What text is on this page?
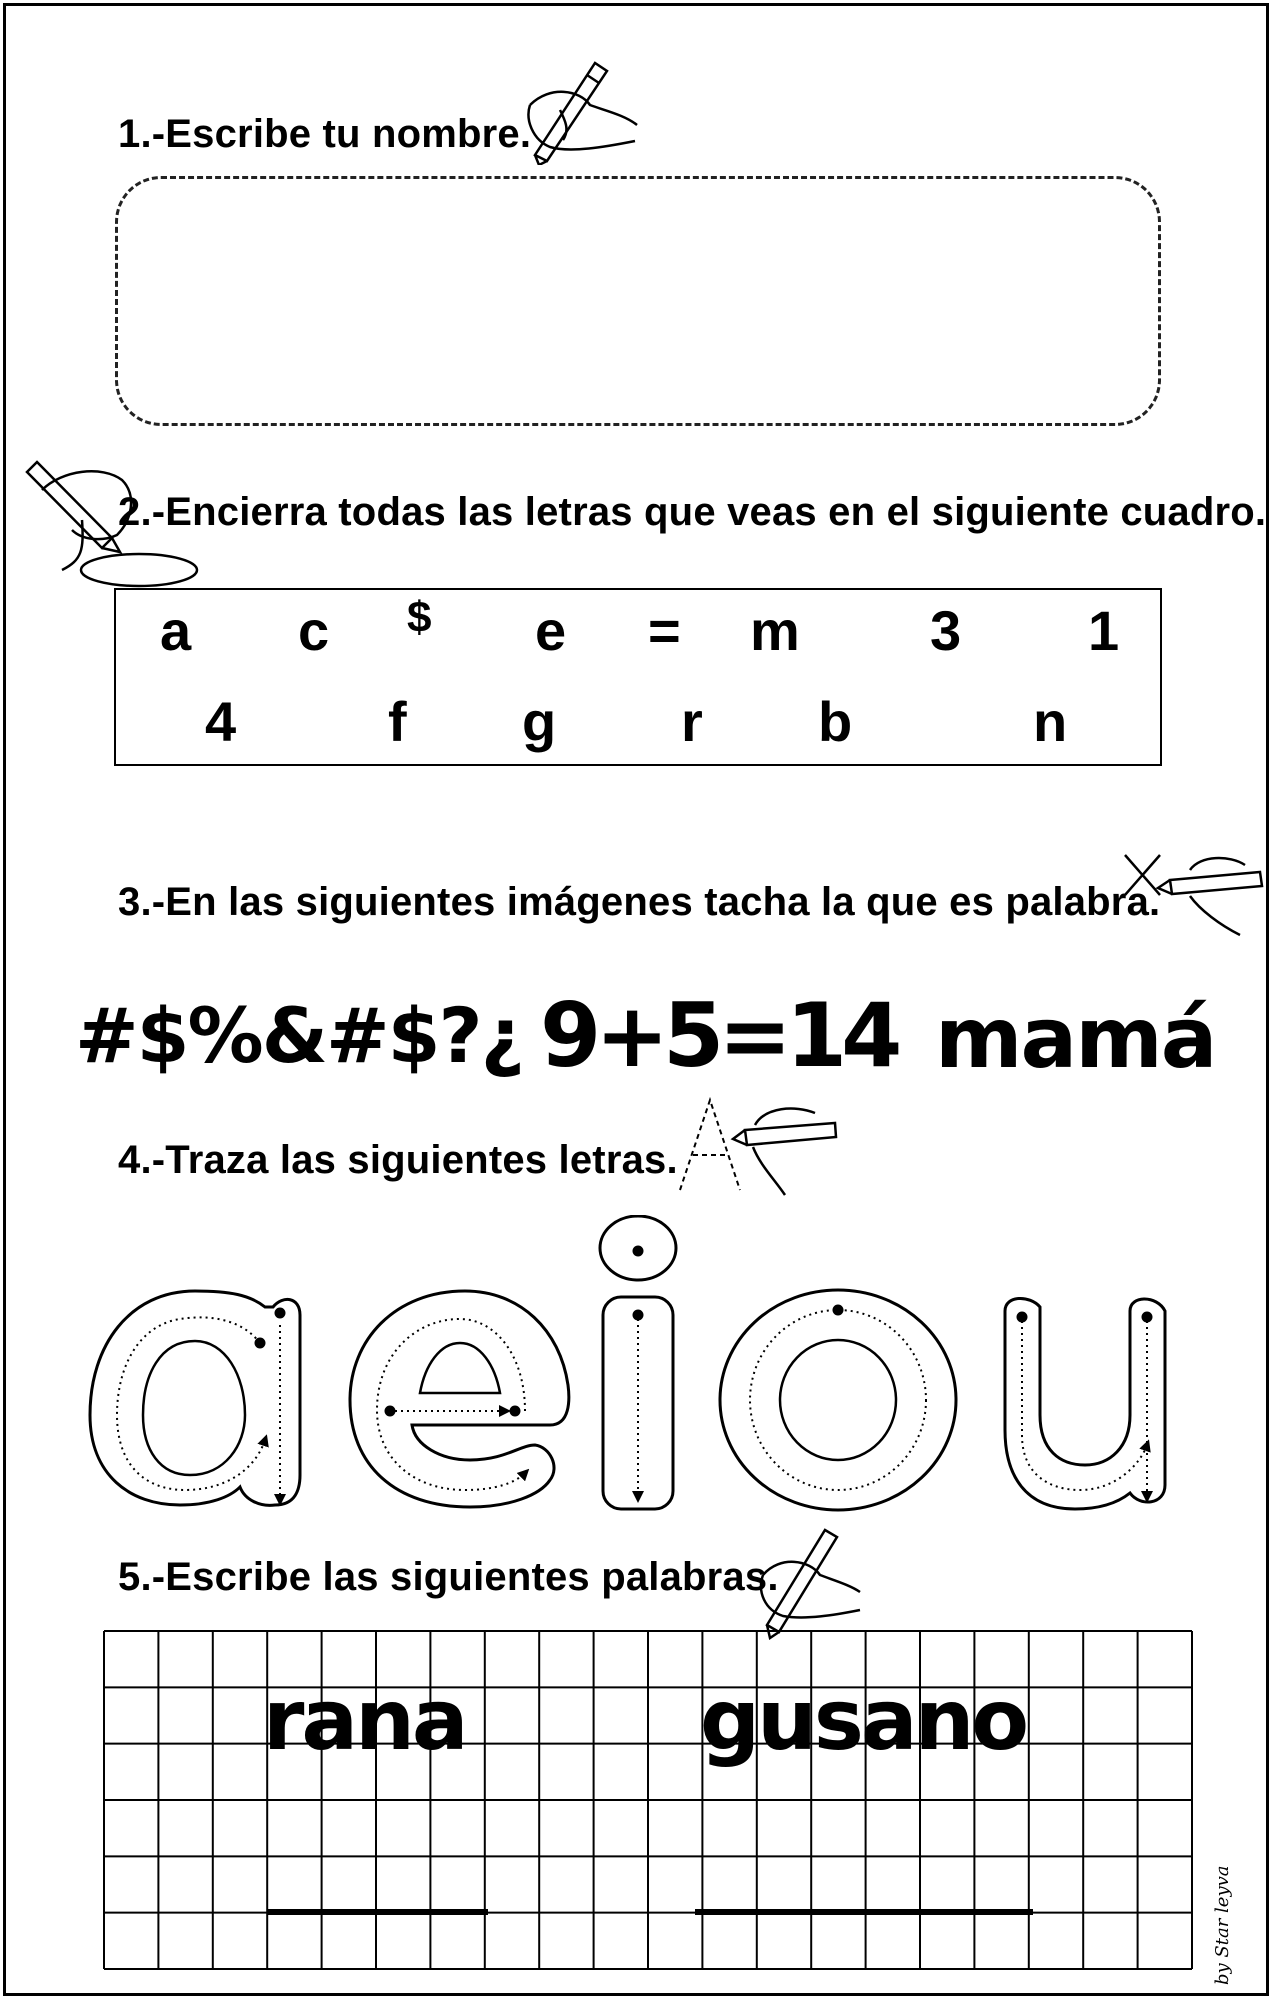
1.-Escribe tu nombre.
2.-Encierra todas las letras que veas en el siguiente cuadro.
a c $ e = m 3 1
4	f g r b	n
3.-En las siguientes imágenes tacha la que es palabra.
#$%&#$?¿ 9+5=14 mamá
4.-Traza las siguientes letras.
5.-Escribe las siguientes palabras.
rana	gusano
by Star leyva
